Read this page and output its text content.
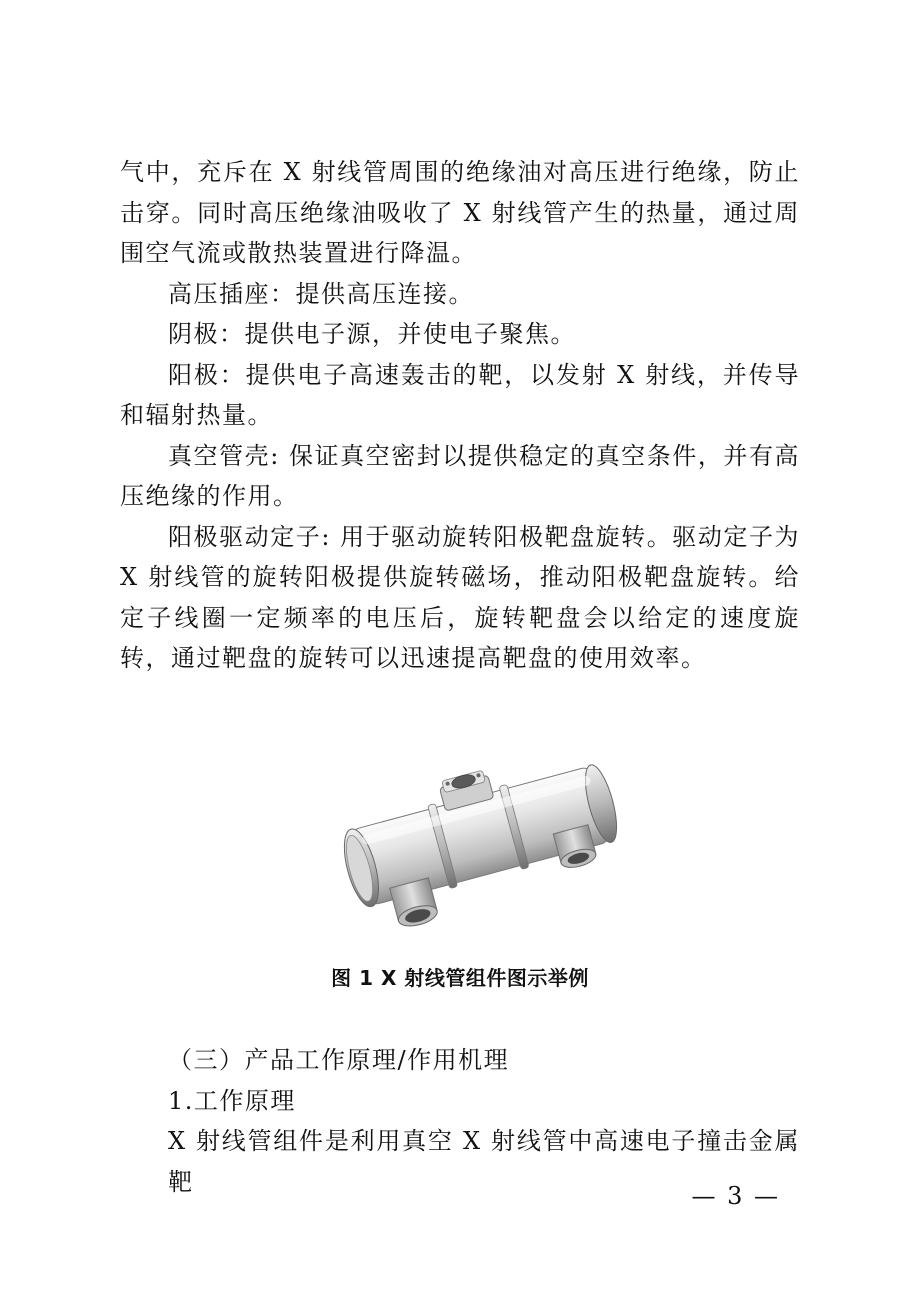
气中，充斥在 X 射线管周围的绝缘油对高压进行绝缘，防止击穿。同时高压绝缘油吸收了 X 射线管产生的热量，通过周围空气流或散热装置进行降温。

高压插座：提供高压连接。

阴极：提供电子源，并使电子聚焦。

阳极：提供电子高速轰击的靶，以发射 X 射线，并传导和辐射热量。

真空管壳: 保证真空密封以提供稳定的真空条件，并有高压绝缘的作用。

阳极驱动定子: 用于驱动旋转阳极靶盘旋转。驱动定子为 X 射线管的旋转阳极提供旋转磁场，推动阳极靶盘旋转。给定子线圈一定频率的电压后，旋转靶盘会以给定的速度旋转，通过靶盘的旋转可以迅速提高靶盘的使用效率。

图 1 X 射线管组件图示举例

（三）产品工作原理/作用机理

1.工作原理

X 射线管组件是利用真空 X 射线管中高速电子撞击金属靶

— 3 —
